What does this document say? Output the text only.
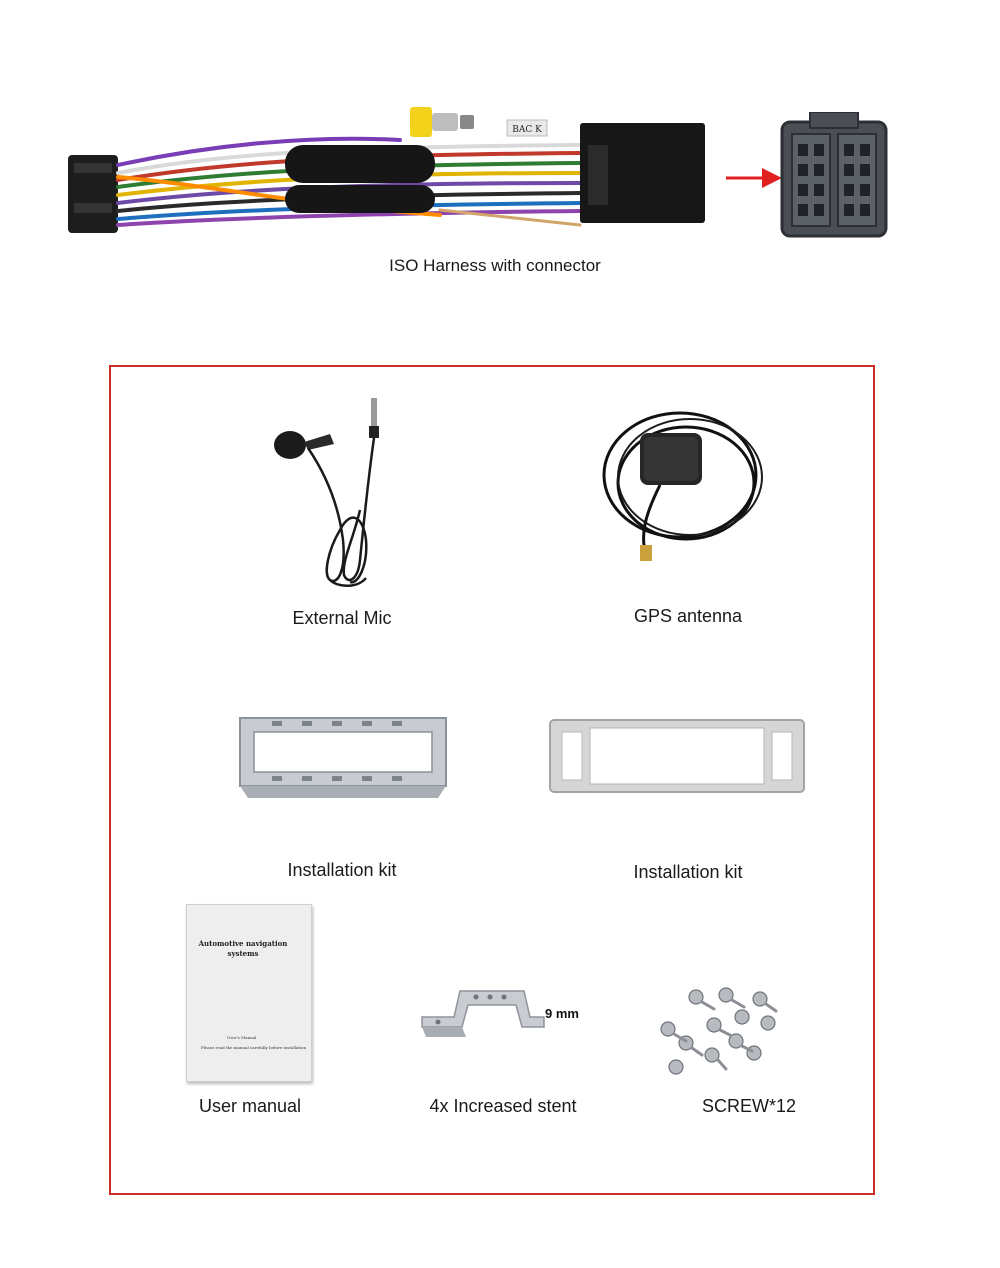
BAC K
ISO Harness with connector
External Mic	GPS antenna
Installation kit	Installation kit
Automotive navigation
systems
User's Manual
Please read the manual carefully before installation
User manual
9 mm
4x Increased stent	SCREW*12
